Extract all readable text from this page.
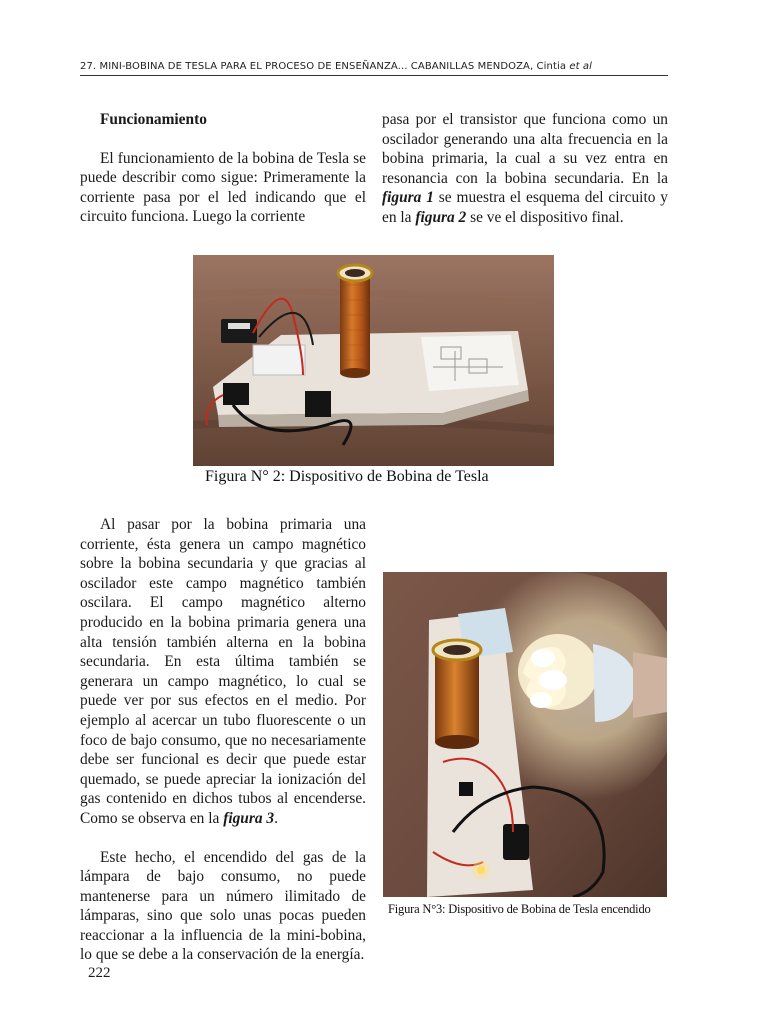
27. MINI-BOBINA DE TESLA PARA EL PROCESO DE ENSEÑANZA... CABANILLAS MENDOZA, Cintia et al
Funcionamiento

El funcionamiento de la bobina de Tesla se puede describir como sigue: Primeramente la corriente pasa por el led indicando que el circuito funciona. Luego la corriente

pasa por el transistor que funciona como un oscilador generando una alta frecuencia en la bobina primaria, la cual a su vez entra en resonancia con la bobina secundaria. En la figura 1 se muestra el esquema del circuito y en la figura 2 se ve el dispositivo final.

Figura N° 2: Dispositivo de Bobina de Tesla

Al pasar por la bobina primaria una corriente, ésta genera un campo magnético sobre la bobina secundaria y que gracias al oscilador este campo magnético también oscilara. El campo magnético alterno producido en la bobina primaria genera una alta tensión también alterna en la bobina secundaria. En esta última también se generara un campo magnético, lo cual se puede ver por sus efectos en el medio. Por ejemplo al acercar un tubo fluorescente o un foco de bajo consumo, que no necesariamente debe ser funcional es decir que puede estar quemado, se puede apreciar la ionización del gas contenido en dichos tubos al encenderse. Como se observa en la figura 3.

Este hecho, el encendido del gas de la lámpara de bajo consumo, no puede mantenerse para un número ilimitado de lámparas, sino que solo unas pocas pueden reaccionar a la influencia de la mini-bobina, lo que se debe a la conservación de la energía.

Figura N°3: Dispositivo de Bobina de Tesla encendido
222
